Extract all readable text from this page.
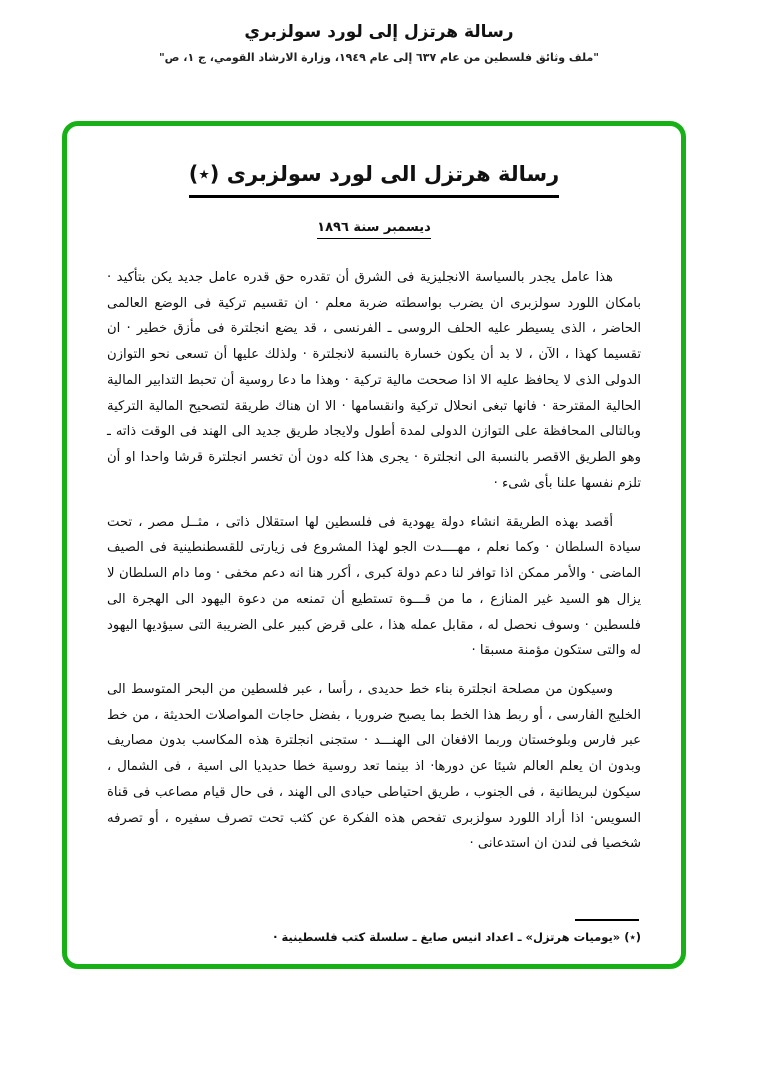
رسالة هرتزل إلى لورد سولزبري
"ملف وثائق فلسطين من عام ٦٣٧ إلى عام ١٩٤٩، وزارة الارشاد القومي، ج ١، ص"
رسالة هرتزل الى لورد سولزبرى (٭)
ديسمبر سنة ١٨٩٦

هذا عامل يجدر بالسياسة الانجليزية فى الشرق أن تقدره حق قدره عامل جديد يكن بتأكيد · بامكان اللورد سولزبرى ان يضرب بواسطته ضربة معلم · ان تقسيم تركية فى الوضع العالمى الحاضر ، الذى يسيطر عليه الحلف الروسى ـ الفرنسى ، قد يضع انجلترة فى مأزق خطير · ان تقسيما كهذا ، الآن ، لا بد أن يكون خسارة بالنسبة لانجلترة · ولذلك عليها أن تسعى نحو التوازن الدولى الذى لا يحافظ عليه الا اذا صححت مالية تركية · وهذا ما دعا روسية أن تحبط التدابير المالية الحالية المقترحة · فانها تبغى انحلال تركية وانقسامها · الا ان هناك طريقة لتصحيح المالية التركية وبالتالى المحافظة على التوازن الدولى لمدة أطول ولايجاد طريق جديد الى الهند فى الوقت ذاته ـ وهو الطريق الاقصر بالنسبة الى انجلترة · يجرى هذا كله دون أن تخسر انجلترة قرشا واحدا او أن تلزم نفسها علنا بأى شىء ·

أقصد بهذه الطريقة انشاء دولة يهودية فى فلسطين لها استقلال ذاتى ، مثــل مصر ، تحت سيادة السلطان · وكما نعلم ، مهــــدت الجو لهذا المشروع فى زيارتى للقسطنطينية فى الصيف الماضى · والأمر ممكن اذا توافر لنا دعم دولة كبرى ، أكرر هنا انه دعم مخفى · وما دام السلطان لا يزال هو السيد غير المنازع ، ما من قـــوة تستطيع أن تمنعه من دعوة اليهود الى الهجرة الى فلسطين · وسوف نحصل له ، مقابل عمله هذا ، على قرض كبير على الضريبة التى سيؤديها اليهود له والتى ستكون مؤمنة مسبقا ·

وسيكون من مصلحة انجلترة بناء خط حديدى ، رأسا ، عبر فلسطين من البحر المتوسط الى الخليج الفارسى ، أو ربط هذا الخط بما يصبح ضروريا ، بفضل حاجات المواصلات الحديثة ، من خط عبر فارس وبلوخستان وربما الافغان الى الهنـــد · ستجنى انجلترة هذه المكاسب بدون مصاريف وبدون ان يعلم العالم شيئا عن دورها· اذ بينما تعد روسية خطا حديديا الى اسية ، فى الشمال ، سيكون لبريطانية ، فى الجنوب ، طريق احتياطى حيادى الى الهند ، فى حال قيام مصاعب فى قناة السويس· اذا أراد اللورد سولزبرى تفحص هذه الفكرة عن كثب تحت تصرف سفيره ، أو تصرفه شخصيا فى لندن ان استدعانى ·

(٭) «يوميات هرتزل» ـ اعداد انيس صايغ ـ سلسلة كتب فلسطينية ·
